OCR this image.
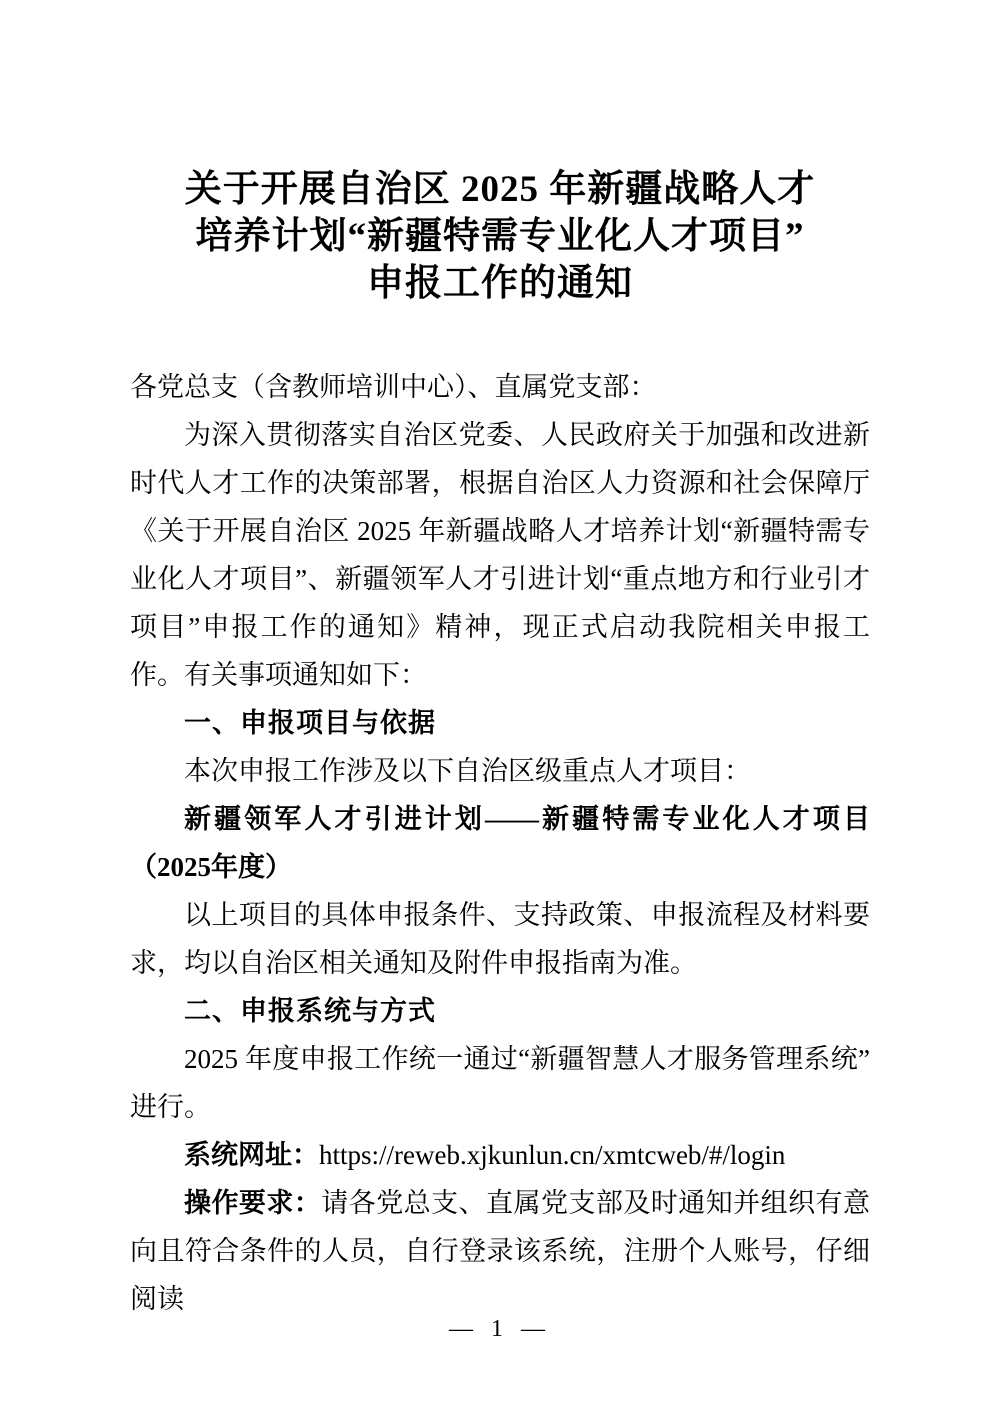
关于开展自治区 2025 年新疆战略人才
培养计划“新疆特需专业化人才项目”
申报工作的通知

各党总支（含教师培训中心）、直属党支部：

为深入贯彻落实自治区党委、人民政府关于加强和改进新时代人才工作的决策部署，根据自治区人力资源和社会保障厅《关于开展自治区 2025 年新疆战略人才培养计划“新疆特需专业化人才项目”、新疆领军人才引进计划“重点地方和行业引才项目”申报工作的通知》精神，现正式启动我院相关申报工作。有关事项通知如下：

一、申报项目与依据

本次申报工作涉及以下自治区级重点人才项目：

新疆领军人才引进计划——新疆特需专业化人才项目（2025年度）

以上项目的具体申报条件、支持政策、申报流程及材料要求，均以自治区相关通知及附件申报指南为准。

二、申报系统与方式

2025 年度申报工作统一通过“新疆智慧人才服务管理系统”进行。

系统网址：https://reweb.xjkunlun.cn/xmtcweb/#/login

操作要求：请各党总支、直属党支部及时通知并组织有意向且符合条件的人员，自行登录该系统，注册个人账号，仔细阅读

— 1 —
